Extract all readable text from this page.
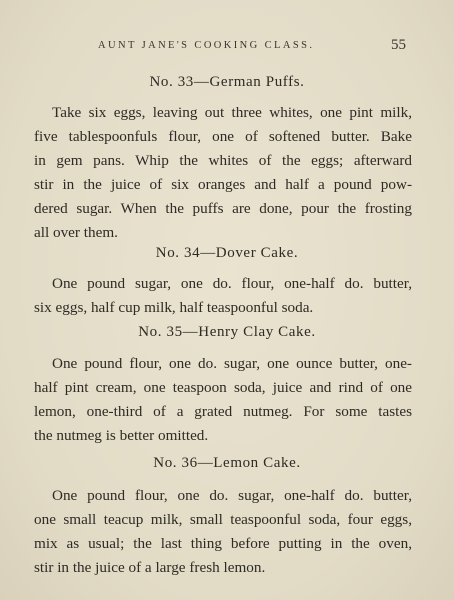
AUNT JANE'S COOKING CLASS.	55
No. 33—German Puffs.
Take six eggs, leaving out three whites, one pint milk,
five tablespoonfuls flour, one of softened butter. Bake
in gem pans. Whip the whites of the eggs; afterward
stir in the juice of six oranges and half a pound pow-
dered sugar. When the puffs are done, pour the frosting
all over them.
No. 34—Dover Cake.
One pound sugar, one do. flour, one-half do. butter,
six eggs, half cup milk, half teaspoonful soda.
No. 35—Henry Clay Cake.
One pound flour, one do. sugar, one ounce butter, one-
half pint cream, one teaspoon soda, juice and rind of one
lemon, one-third of a grated nutmeg. For some tastes
the nutmeg is better omitted.
No. 36—Lemon Cake.
One pound flour, one do. sugar, one-half do. butter,
one small teacup milk, small teaspoonful soda, four eggs,
mix as usual; the last thing before putting in the oven,
stir in the juice of a large fresh lemon.
